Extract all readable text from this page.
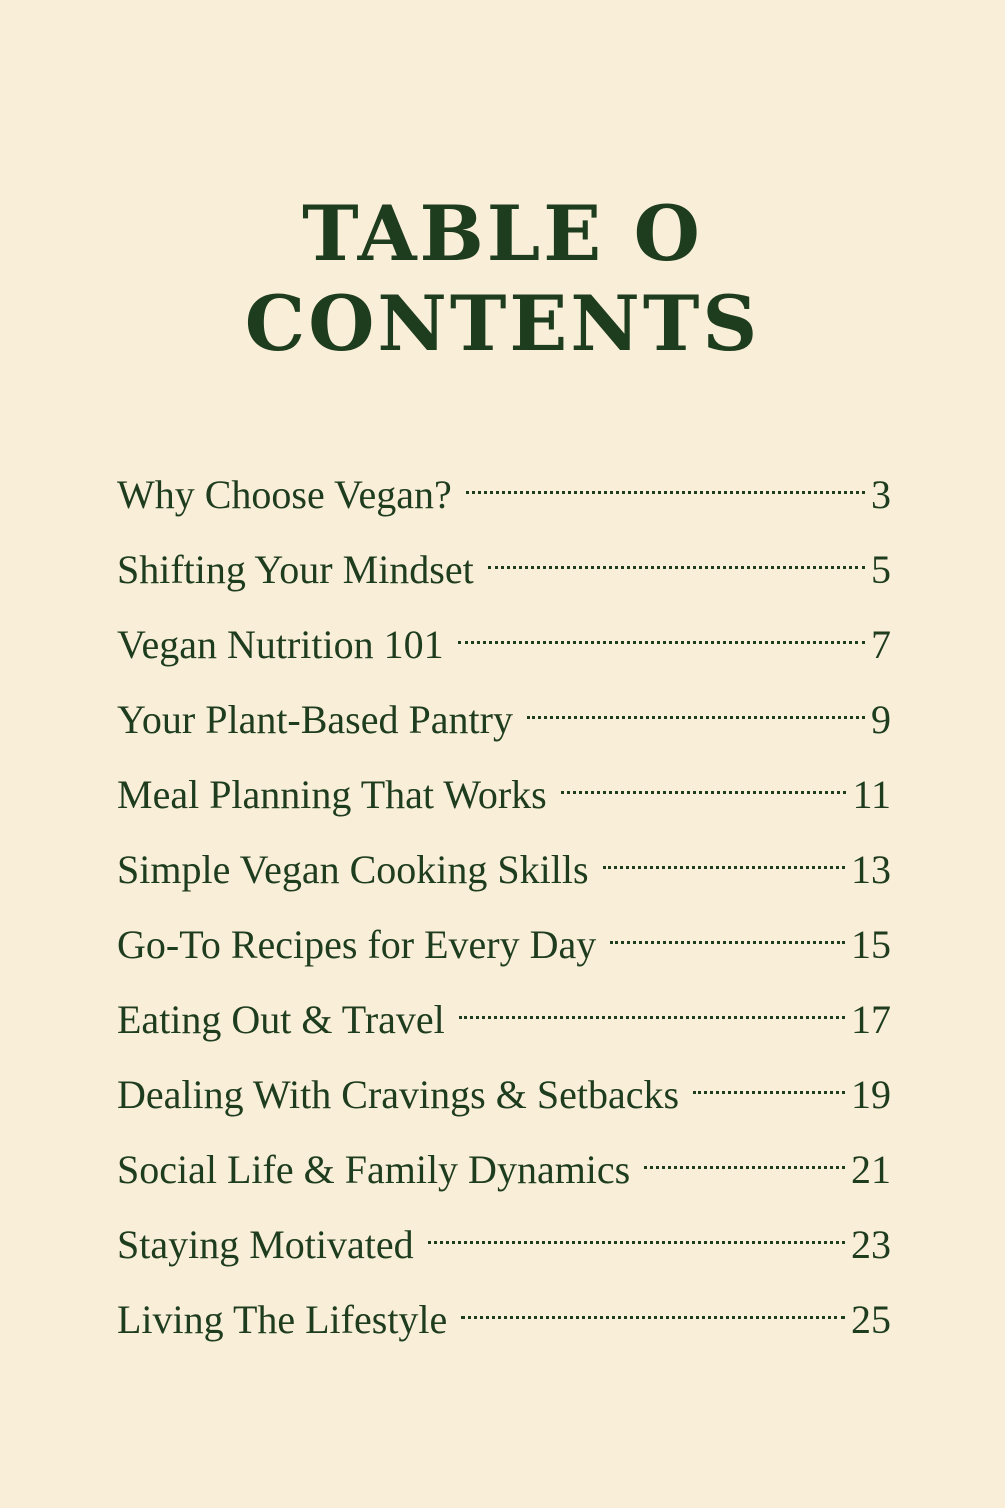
TABLE O
CONTENTS
Why Choose Vegan?	3
Shifting Your Mindset	5
Vegan Nutrition 101	7
Your Plant-Based Pantry	9
Meal Planning That Works	11
Simple Vegan Cooking Skills	13
Go-To Recipes for Every Day	15
Eating Out & Travel	17
Dealing With Cravings & Setbacks	19
Social Life & Family Dynamics	21
Staying Motivated	23
Living The Lifestyle	25
